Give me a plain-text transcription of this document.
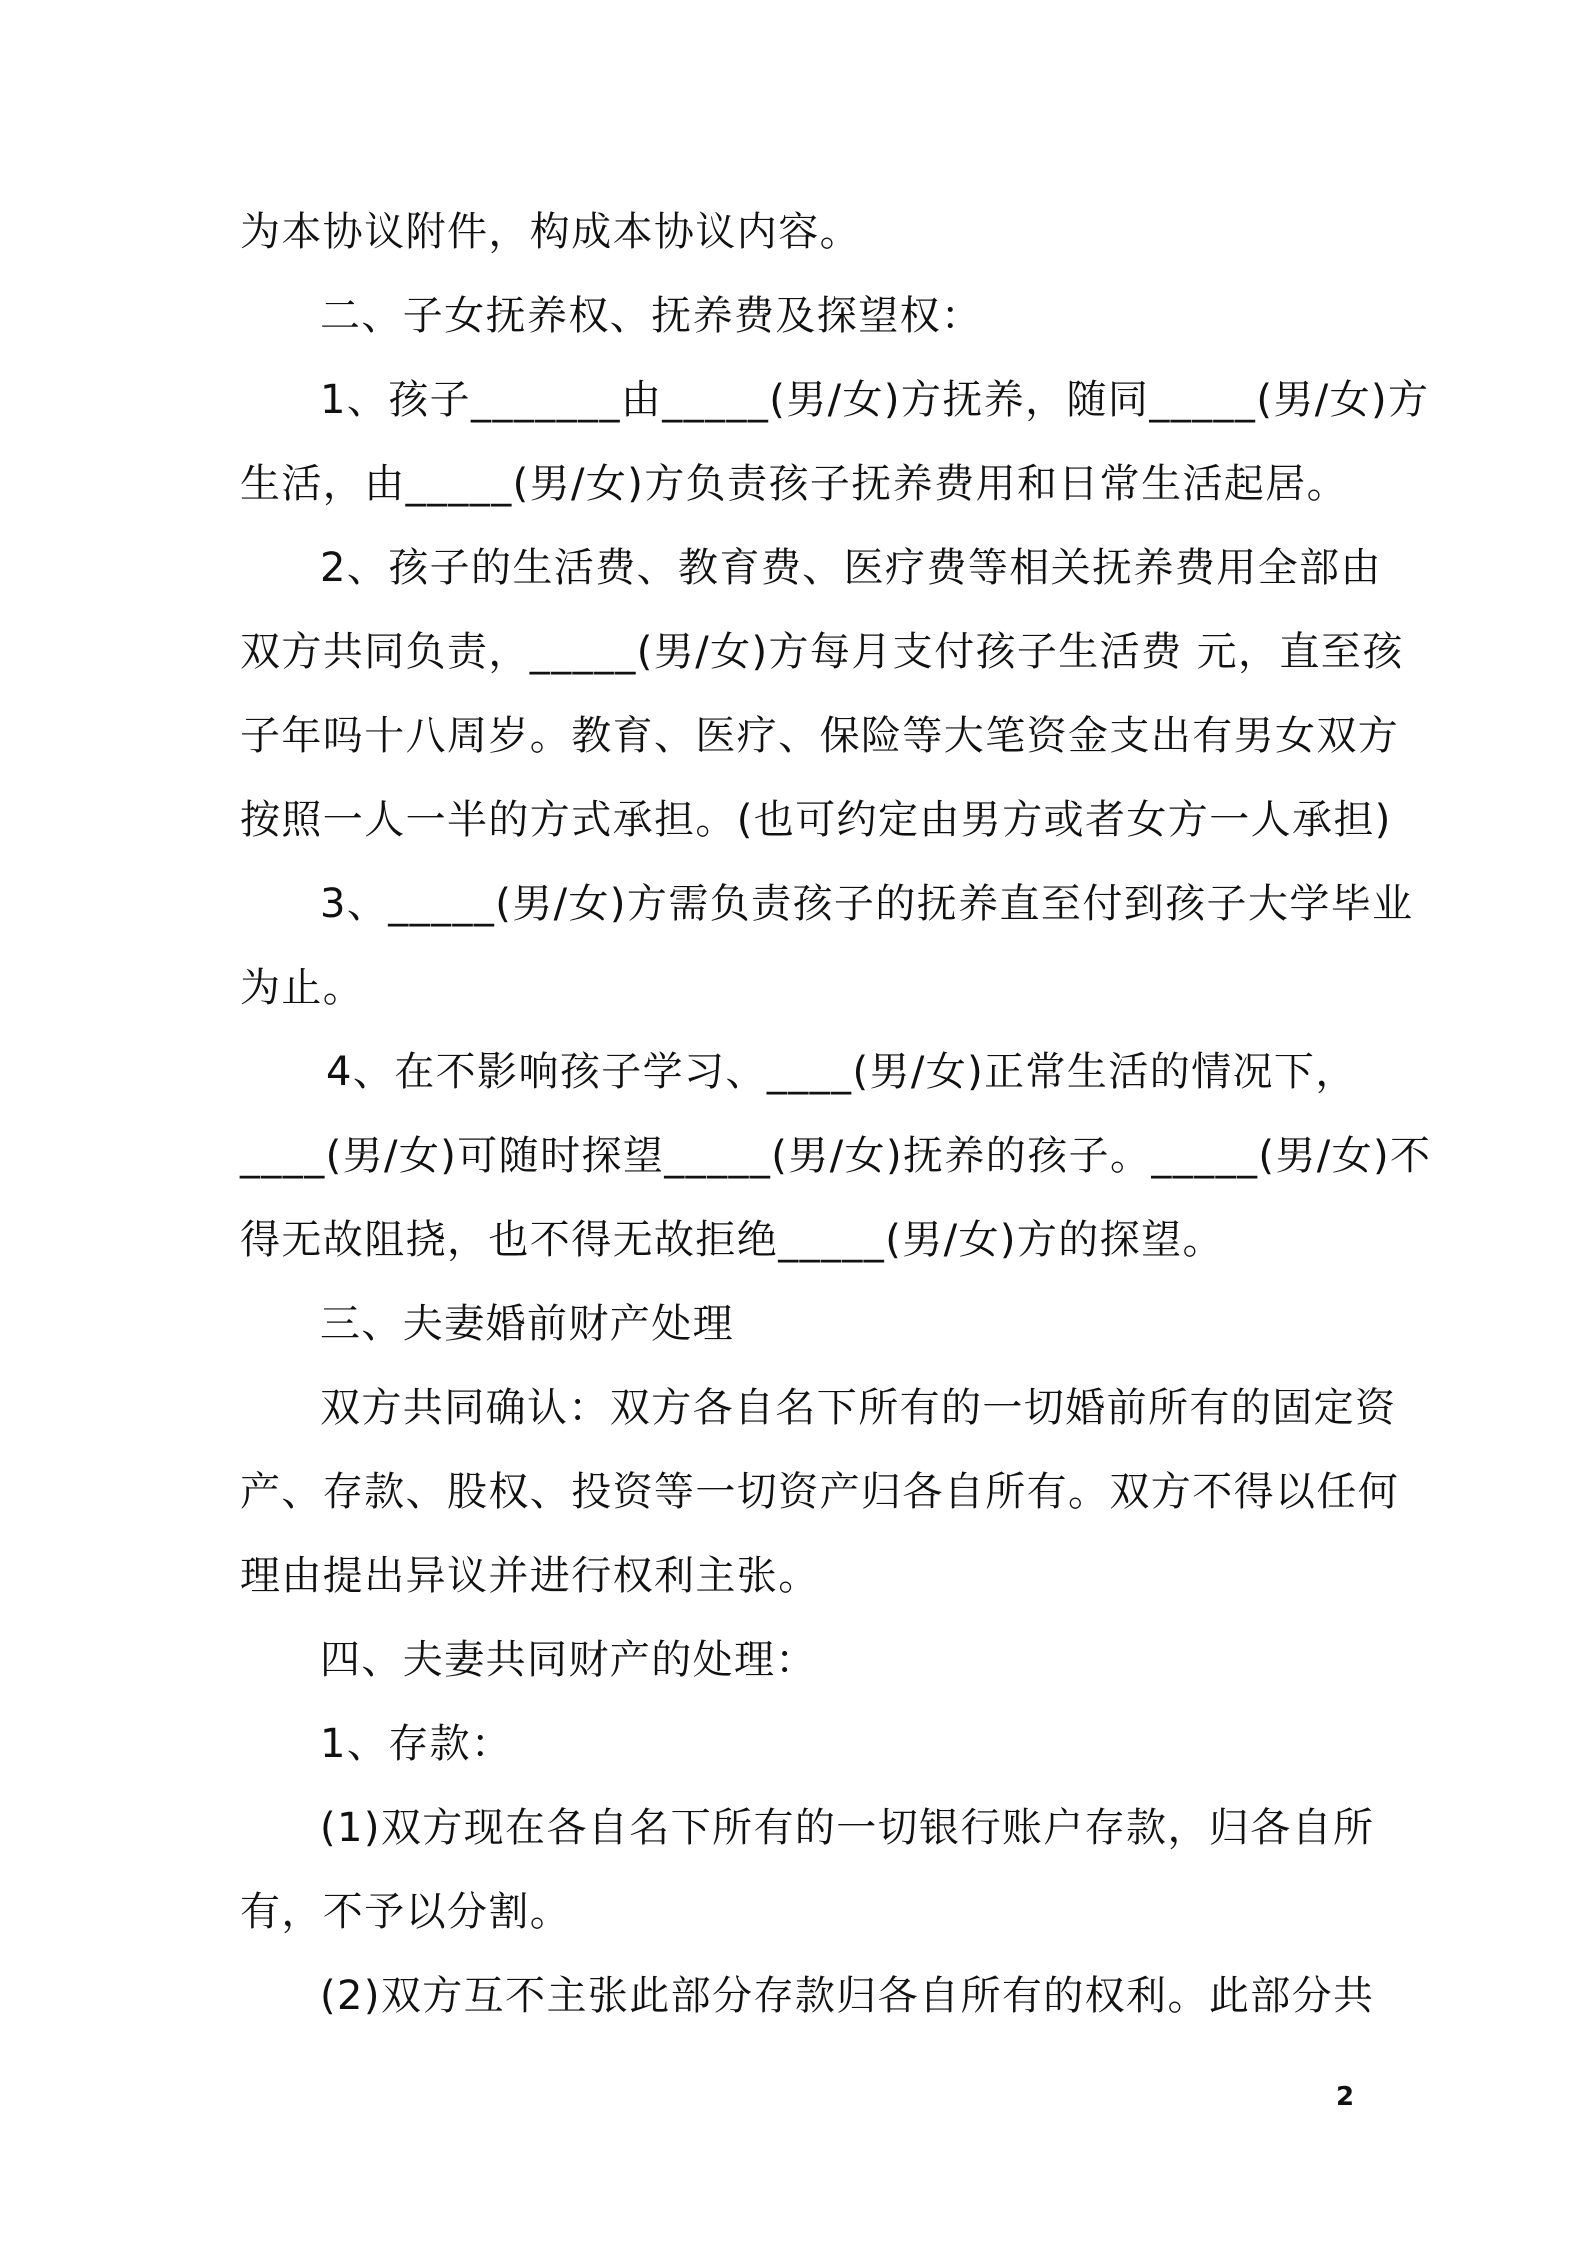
为本协议附件，构成本协议内容。
二、子女抚养权、抚养费及探望权：
1、孩子_______由_____(男/女)方抚养，随同_____(男/女)方
生活，由_____(男/女)方负责孩子抚养费用和日常生活起居。
2、孩子的生活费、教育费、医疗费等相关抚养费用全部由
双方共同负责，_____(男/女)方每月支付孩子生活费 元，直至孩
子年吗十八周岁。教育、医疗、保险等大笔资金支出有男女双方
按照一人一半的方式承担。(也可约定由男方或者女方一人承担)
3、_____(男/女)方需负责孩子的抚养直至付到孩子大学毕业
为止。
4、在不影响孩子学习、____(男/女)正常生活的情况下，
____(男/女)可随时探望_____(男/女)抚养的孩子。_____(男/女)不
得无故阻挠，也不得无故拒绝_____(男/女)方的探望。
三、夫妻婚前财产处理
双方共同确认：双方各自名下所有的一切婚前所有的固定资
产、存款、股权、投资等一切资产归各自所有。双方不得以任何
理由提出异议并进行权利主张。
四、夫妻共同财产的处理：
1、存款：
(1)双方现在各自名下所有的一切银行账户存款，归各自所
有，不予以分割。
(2)双方互不主张此部分存款归各自所有的权利。此部分共
2
